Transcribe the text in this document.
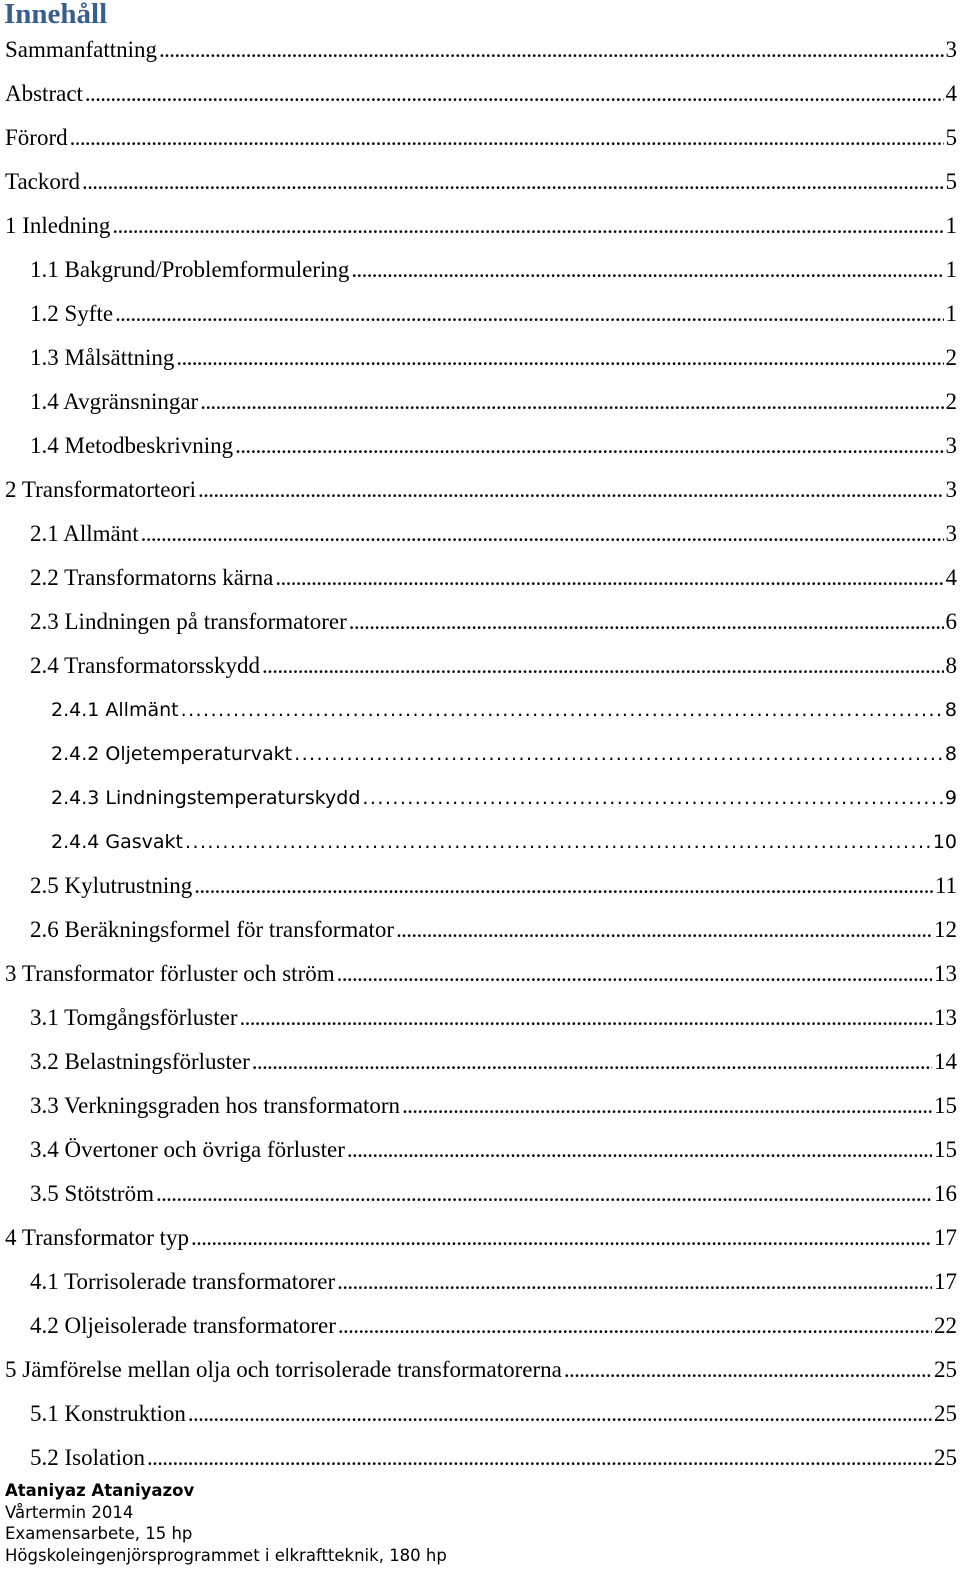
Innehåll
Sammanfattning . . .	3
Abstract . . .	4
Förord . . .	5
Tackord . . .	5
1 Inledning . . .	1
1.1 Bakgrund/Problemformulering . . .	1
1.2 Syfte . . .	1
1.3 Målsättning . . .	2
1.4 Avgränsningar . . .	2
1.4 Metodbeskrivning . . .	3
2 Transformatorteori . . .	3
2.1 Allmänt . . .	3
2.2 Transformatorns kärna . . .	4
2.3 Lindningen på transformatorer . . .	6
2.4 Transformatorsskydd . . .	8
2.4.1 Allmänt . . .	8
2.4.2 Oljetemperaturvakt . . .	8
2.4.3 Lindningstemperaturskydd . . .	9
2.4.4 Gasvakt . . .	10
2.5 Kylutrustning . . .	11
2.6 Beräkningsformel för transformator . . .	12
3 Transformator förluster och ström . . .	13
3.1 Tomgångsförluster . . .	13
3.2 Belastningsförluster . . .	14
3.3 Verkningsgraden hos transformatorn . . .	15
3.4 Övertoner och övriga förluster . . .	15
3.5 Stötström . . .	16
4 Transformator typ . . .	17
4.1 Torrisolerade transformatorer . . .	17
4.2 Oljeisolerade transformatorer . . .	22
5 Jämförelse mellan olja och torrisolerade transformatorerna . . .	25
5.1 Konstruktion . . .	25
5.2 Isolation . . .	25
Ataniyaz Ataniyazov
Vårtermin 2014
Examensarbete, 15 hp
Högskoleingenjörsprogrammet i elkraftteknik, 180 hp
